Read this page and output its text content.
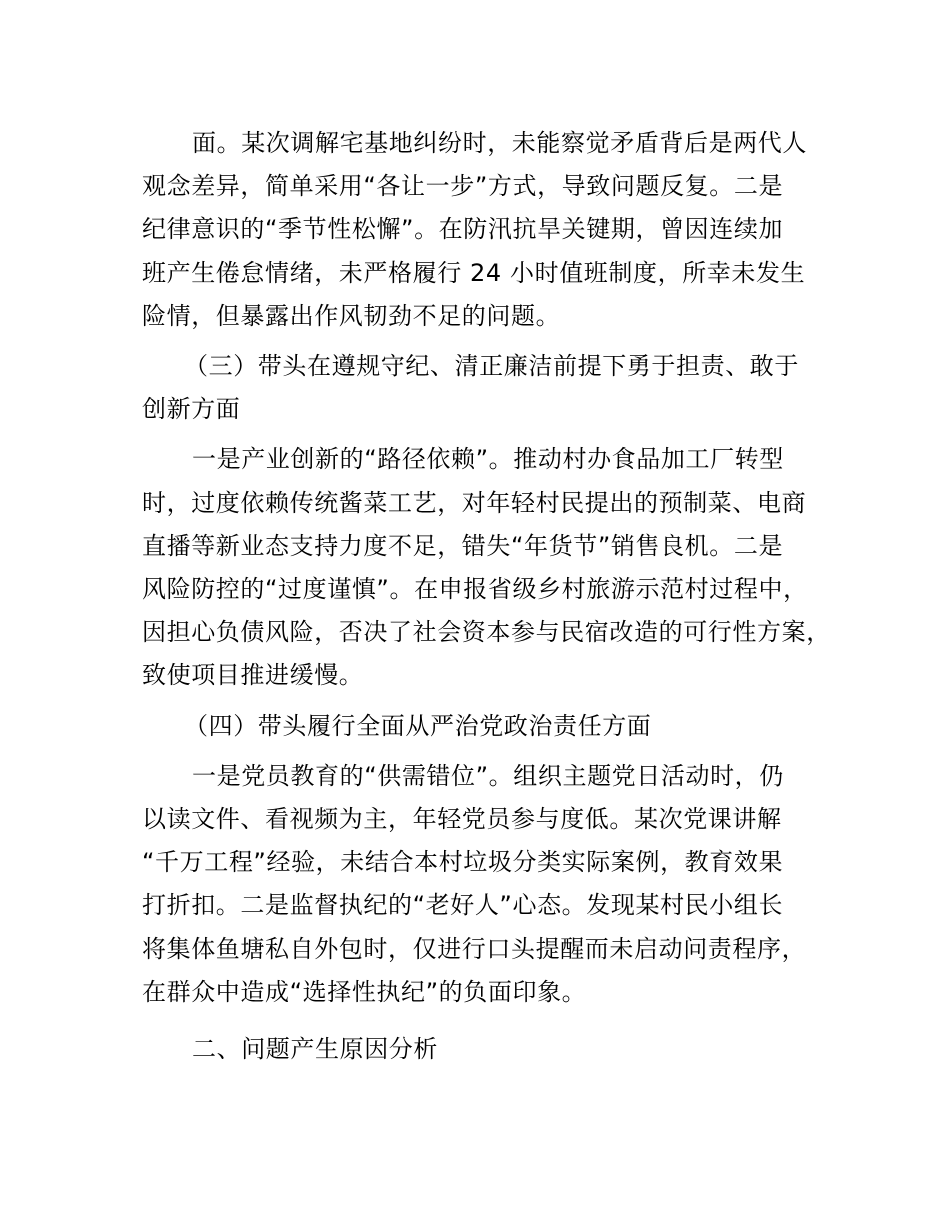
面。某次调解宅基地纠纷时，未能察觉矛盾背后是两代人
观念差异，简单采用“各让一步”方式，导致问题反复。二是
纪律意识的“季节性松懈”。在防汛抗旱关键期，曾因连续加
班产生倦怠情绪，未严格履行 24 小时值班制度，所幸未发生
险情，但暴露出作风韧劲不足的问题。

（三）带头在遵规守纪、清正廉洁前提下勇于担责、敢于
创新方面

一是产业创新的“路径依赖”。推动村办食品加工厂转型
时，过度依赖传统酱菜工艺，对年轻村民提出的预制菜、电商
直播等新业态支持力度不足，错失“年货节”销售良机。二是
风险防控的“过度谨慎”。在申报省级乡村旅游示范村过程中，
因担心负债风险，否决了社会资本参与民宿改造的可行性方案，
致使项目推进缓慢。

（四）带头履行全面从严治党政治责任方面

一是党员教育的“供需错位”。组织主题党日活动时，仍
以读文件、看视频为主，年轻党员参与度低。某次党课讲解
“千万工程”经验，未结合本村垃圾分类实际案例，教育效果
打折扣。二是监督执纪的“老好人”心态。发现某村民小组长
将集体鱼塘私自外包时，仅进行口头提醒而未启动问责程序，
在群众中造成“选择性执纪”的负面印象。

二、问题产生原因分析
